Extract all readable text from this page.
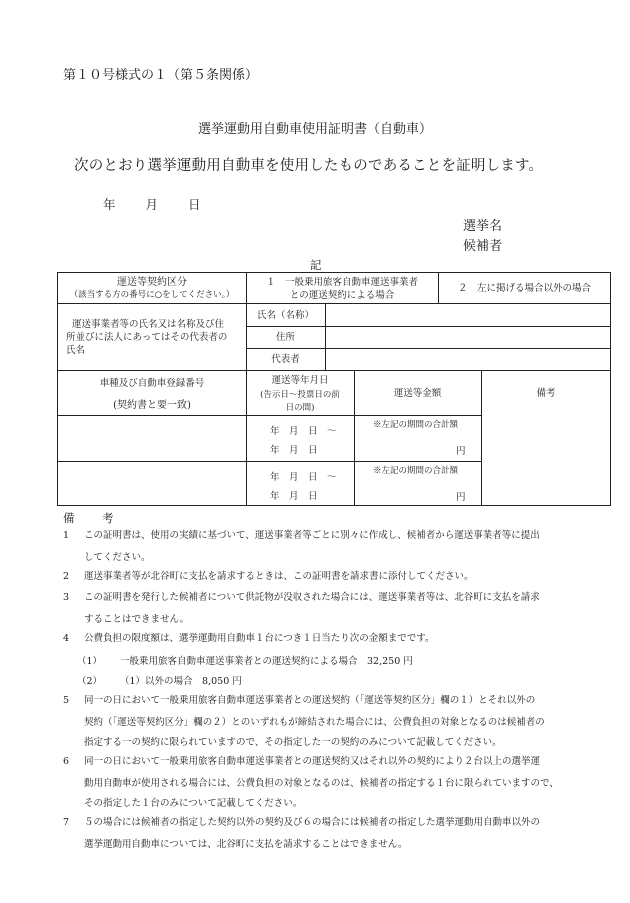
第１０号様式の１（第５条関係）
選挙運動用自動車使用証明書（自動車）
次のとおり選挙運動用自動車を使用したものであることを証明します。
年 月 日
選挙名
候補者
記
運送等契約区分
（該当する方の番号に○をしてください。）
１　一般乗用旅客自動車運送事業者
との運送契約による場合
２　左に掲げる場合以外の場合
運送事業者等の氏名又は名称及び住
所並びに法人にあってはその代表者の
氏名
氏名（名称）
住所
代表者
車種及び自動車登録番号
(契約書と要一致)
運送等年月日
(告示日～投票日の前
日の間)
運送等金額	備考
年　月　日　～
年　月　日
※左記の期間の合計額
円
年　月　日　～
年　月　日
※左記の期間の合計額
円
備　考
1 この証明書は、使用の実績に基づいて、運送事業者等ごとに別々に作成し、候補者から運送事業者等に提出
してください。
2 運送事業者等が北谷町に支払を請求するときは、この証明書を請求書に添付してください。
3 この証明書を発行した候補者について供託物が没収された場合には、運送事業者等は、北谷町に支払を請求
することはできません。
4 公費負担の限度額は、選挙運動用自動車１台につき１日当たり次の金額までです。
（1） 一般乗用旅客自動車運送事業者との運送契約による場合　32,250 円
（2） （1）以外の場合　8,050 円
5 同一の日において一般乗用旅客自動車運送事業者との運送契約（「運送等契約区分」欄の１）とそれ以外の
契約（「運送等契約区分」欄の２）とのいずれもが締結された場合には、公費負担の対象となるのは候補者の
指定する一の契約に限られていますので、その指定した一の契約のみについて記載してください。
6 同一の日において一般乗用旅客自動車運送事業者との運送契約又はそれ以外の契約により２台以上の選挙運
動用自動車が使用される場合には、公費負担の対象となるのは、候補者の指定する１台に限られていますので、
その指定した１台のみについて記載してください。
7 ５の場合には候補者の指定した契約以外の契約及び６の場合には候補者の指定した選挙運動用自動車以外の
選挙運動用自動車については、北谷町に支払を請求することはできません。
